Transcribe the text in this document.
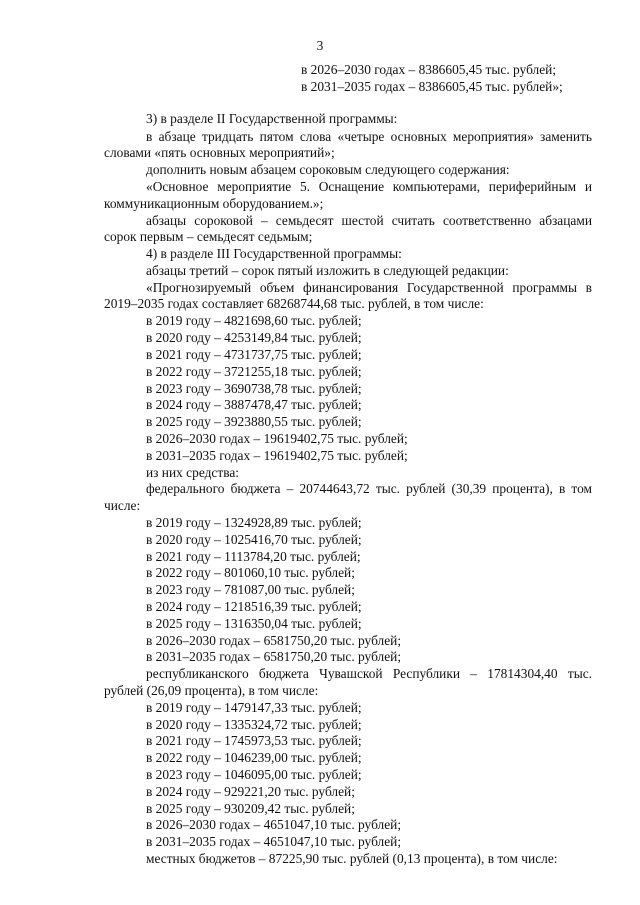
3
в 2026–2030 годах – 8386605,45 тыс. рублей;
в 2031–2035 годах – 8386605,45 тыс. рублей»;
3) в разделе II Государственной программы:
в абзаце тридцать пятом слова «четыре основных мероприятия» заменить
словами «пять основных мероприятий»;
дополнить новым абзацем сороковым следующего содержания:
«Основное мероприятие 5. Оснащение компьютерами, периферийным и
коммуникационным оборудованием.»;
абзацы сороковой – семьдесят шестой считать соответственно абзацами
сорок первым – семьдесят седьмым;
4) в разделе III Государственной программы:
абзацы третий – сорок пятый изложить в следующей редакции:
«Прогнозируемый объем финансирования Государственной программы в
2019–2035 годах составляет 68268744,68 тыс. рублей, в том числе:
в 2019 году – 4821698,60 тыс. рублей;
в 2020 году – 4253149,84 тыс. рублей;
в 2021 году – 4731737,75 тыс. рублей;
в 2022 году – 3721255,18 тыс. рублей;
в 2023 году – 3690738,78 тыс. рублей;
в 2024 году – 3887478,47 тыс. рублей;
в 2025 году – 3923880,55 тыс. рублей;
в 2026–2030 годах – 19619402,75 тыс. рублей;
в 2031–2035 годах – 19619402,75 тыс. рублей;
из них средства:
федерального бюджета – 20744643,72 тыс. рублей (30,39 процента), в том
числе:
в 2019 году – 1324928,89 тыс. рублей;
в 2020 году – 1025416,70 тыс. рублей;
в 2021 году – 1113784,20 тыс. рублей;
в 2022 году – 801060,10 тыс. рублей;
в 2023 году – 781087,00 тыс. рублей;
в 2024 году – 1218516,39 тыс. рублей;
в 2025 году – 1316350,04 тыс. рублей;
в 2026–2030 годах – 6581750,20 тыс. рублей;
в 2031–2035 годах – 6581750,20 тыс. рублей;
республиканского бюджета Чувашской Республики – 17814304,40 тыс.
рублей (26,09 процента), в том числе:
в 2019 году – 1479147,33 тыс. рублей;
в 2020 году – 1335324,72 тыс. рублей;
в 2021 году – 1745973,53 тыс. рублей;
в 2022 году – 1046239,00 тыс. рублей;
в 2023 году – 1046095,00 тыс. рублей;
в 2024 году – 929221,20 тыс. рублей;
в 2025 году – 930209,42 тыс. рублей;
в 2026–2030 годах – 4651047,10 тыс. рублей;
в 2031–2035 годах – 4651047,10 тыс. рублей;
местных бюджетов – 87225,90 тыс. рублей (0,13 процента), в том числе:
